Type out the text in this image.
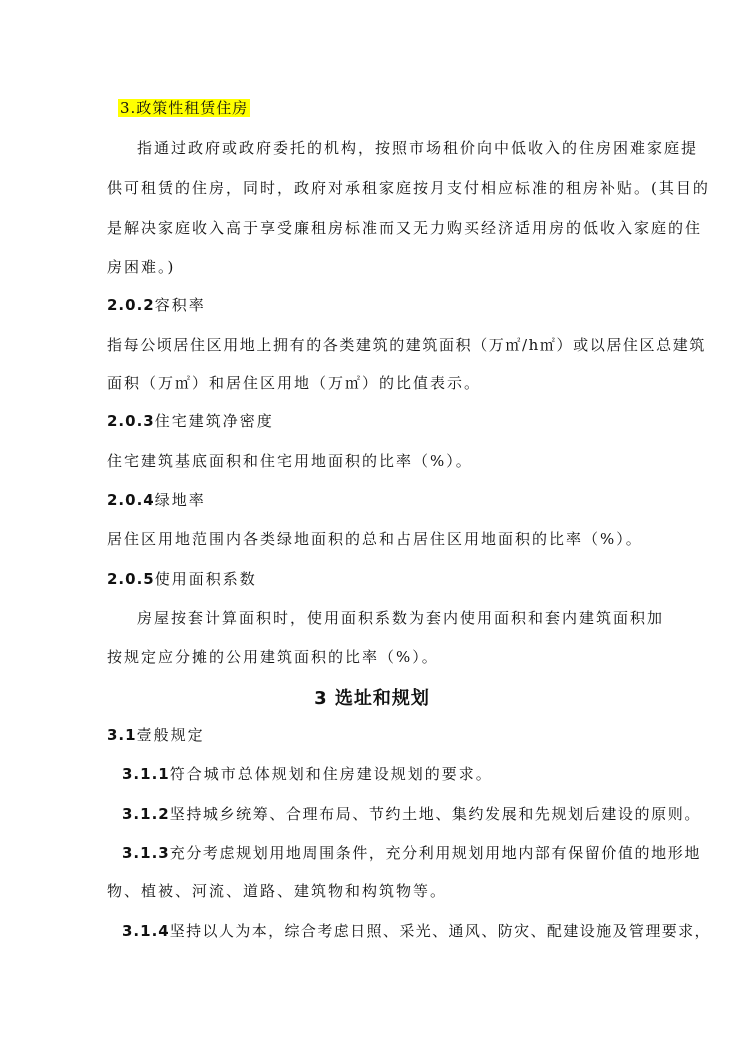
3.政策性租赁住房
指通过政府或政府委托的机构，按照市场租价向中低收入的住房困难家庭提
供可租赁的住房，同时，政府对承租家庭按月支付相应标准的租房补贴。(其目的
是解决家庭收入高于享受廉租房标准而又无力购买经济适用房的低收入家庭的住
房困难。)
2.0.2容积率
指每公顷居住区用地上拥有的各类建筑的建筑面积（万㎡/h㎡）或以居住区总建筑
面积（万㎡）和居住区用地（万㎡）的比值表示。
2.0.3住宅建筑净密度
住宅建筑基底面积和住宅用地面积的比率（%）。
2.0.4绿地率
居住区用地范围内各类绿地面积的总和占居住区用地面积的比率（%）。
2.0.5使用面积系数
房屋按套计算面积时，使用面积系数为套内使用面积和套内建筑面积加
按规定应分摊的公用建筑面积的比率（%）。
3 选址和规划
3.1壹般规定
3.1.1符合城市总体规划和住房建设规划的要求。
3.1.2坚持城乡统筹、合理布局、节约土地、集约发展和先规划后建设的原则。
3.1.3充分考虑规划用地周围条件，充分利用规划用地内部有保留价值的地形地
物、植被、河流、道路、建筑物和构筑物等。
3.1.4坚持以人为本，综合考虑日照、采光、通风、防灾、配建设施及管理要求，
